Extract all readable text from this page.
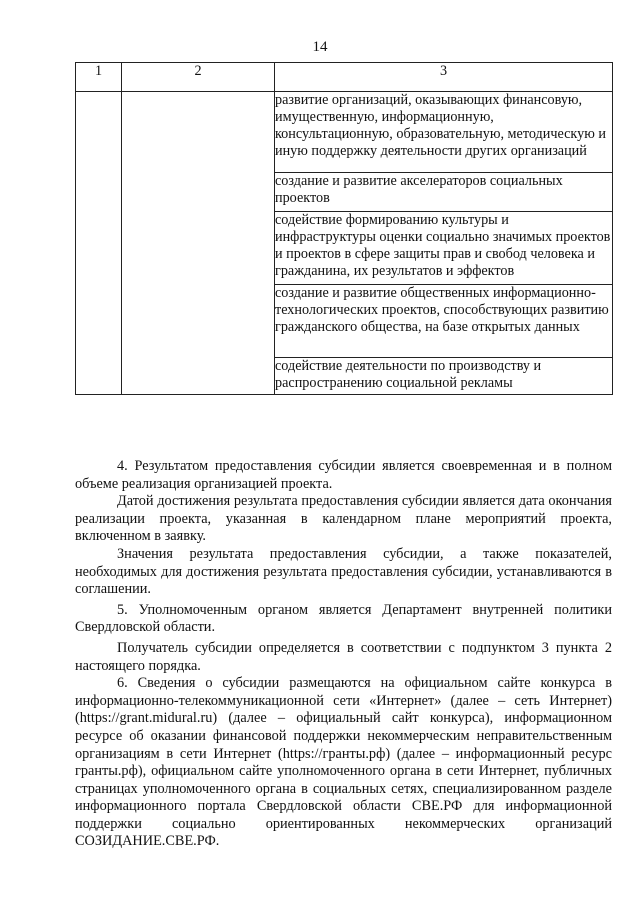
14
1	2	3
		развитие организаций, оказывающих финансовую, имущественную, информационную, консультационную, образовательную, методическую и иную поддержку деятельности других организаций
		создание и развитие акселераторов социальных проектов
		содействие формированию культуры и инфраструктуры оценки социально значимых проектов и проектов в сфере защиты прав и свобод человека и гражданина, их результатов и эффектов
		создание и развитие общественных информационно-технологических проектов, способствующих развитию гражданского общества, на базе открытых данных
		содействие деятельности по производству и распространению социальной рекламы

4. Результатом предоставления субсидии является своевременная и в полном объеме реализация организацией проекта.

Датой достижения результата предоставления субсидии является дата окончания реализации проекта, указанная в календарном плане мероприятий проекта, включенном в заявку.

Значения результата предоставления субсидии, а также показателей, необходимых для достижения результата предоставления субсидии, устанавливаются в соглашении.

5. Уполномоченным органом является Департамент внутренней политики Свердловской области.

Получатель субсидии определяется в соответствии с подпунктом 3 пункта 2 настоящего порядка.

6. Сведения о субсидии размещаются на официальном сайте конкурса в информационно-телекоммуникационной сети «Интернет» (далее – сеть Интернет) (https://grant.midural.ru) (далее – официальный сайт конкурса), информационном ресурсе об оказании финансовой поддержки некоммерческим неправительственным организациям в сети Интернет (https://гранты.рф) (далее – информационный ресурс гранты.рф), официальном сайте уполномоченного органа в сети Интернет, публичных страницах уполномоченного органа в социальных сетях, специализированном разделе информационного портала Свердловской области СВЕ.РФ для информационной поддержки социально ориентированных некоммерческих организаций СОЗИДАНИЕ.СВЕ.РФ.
